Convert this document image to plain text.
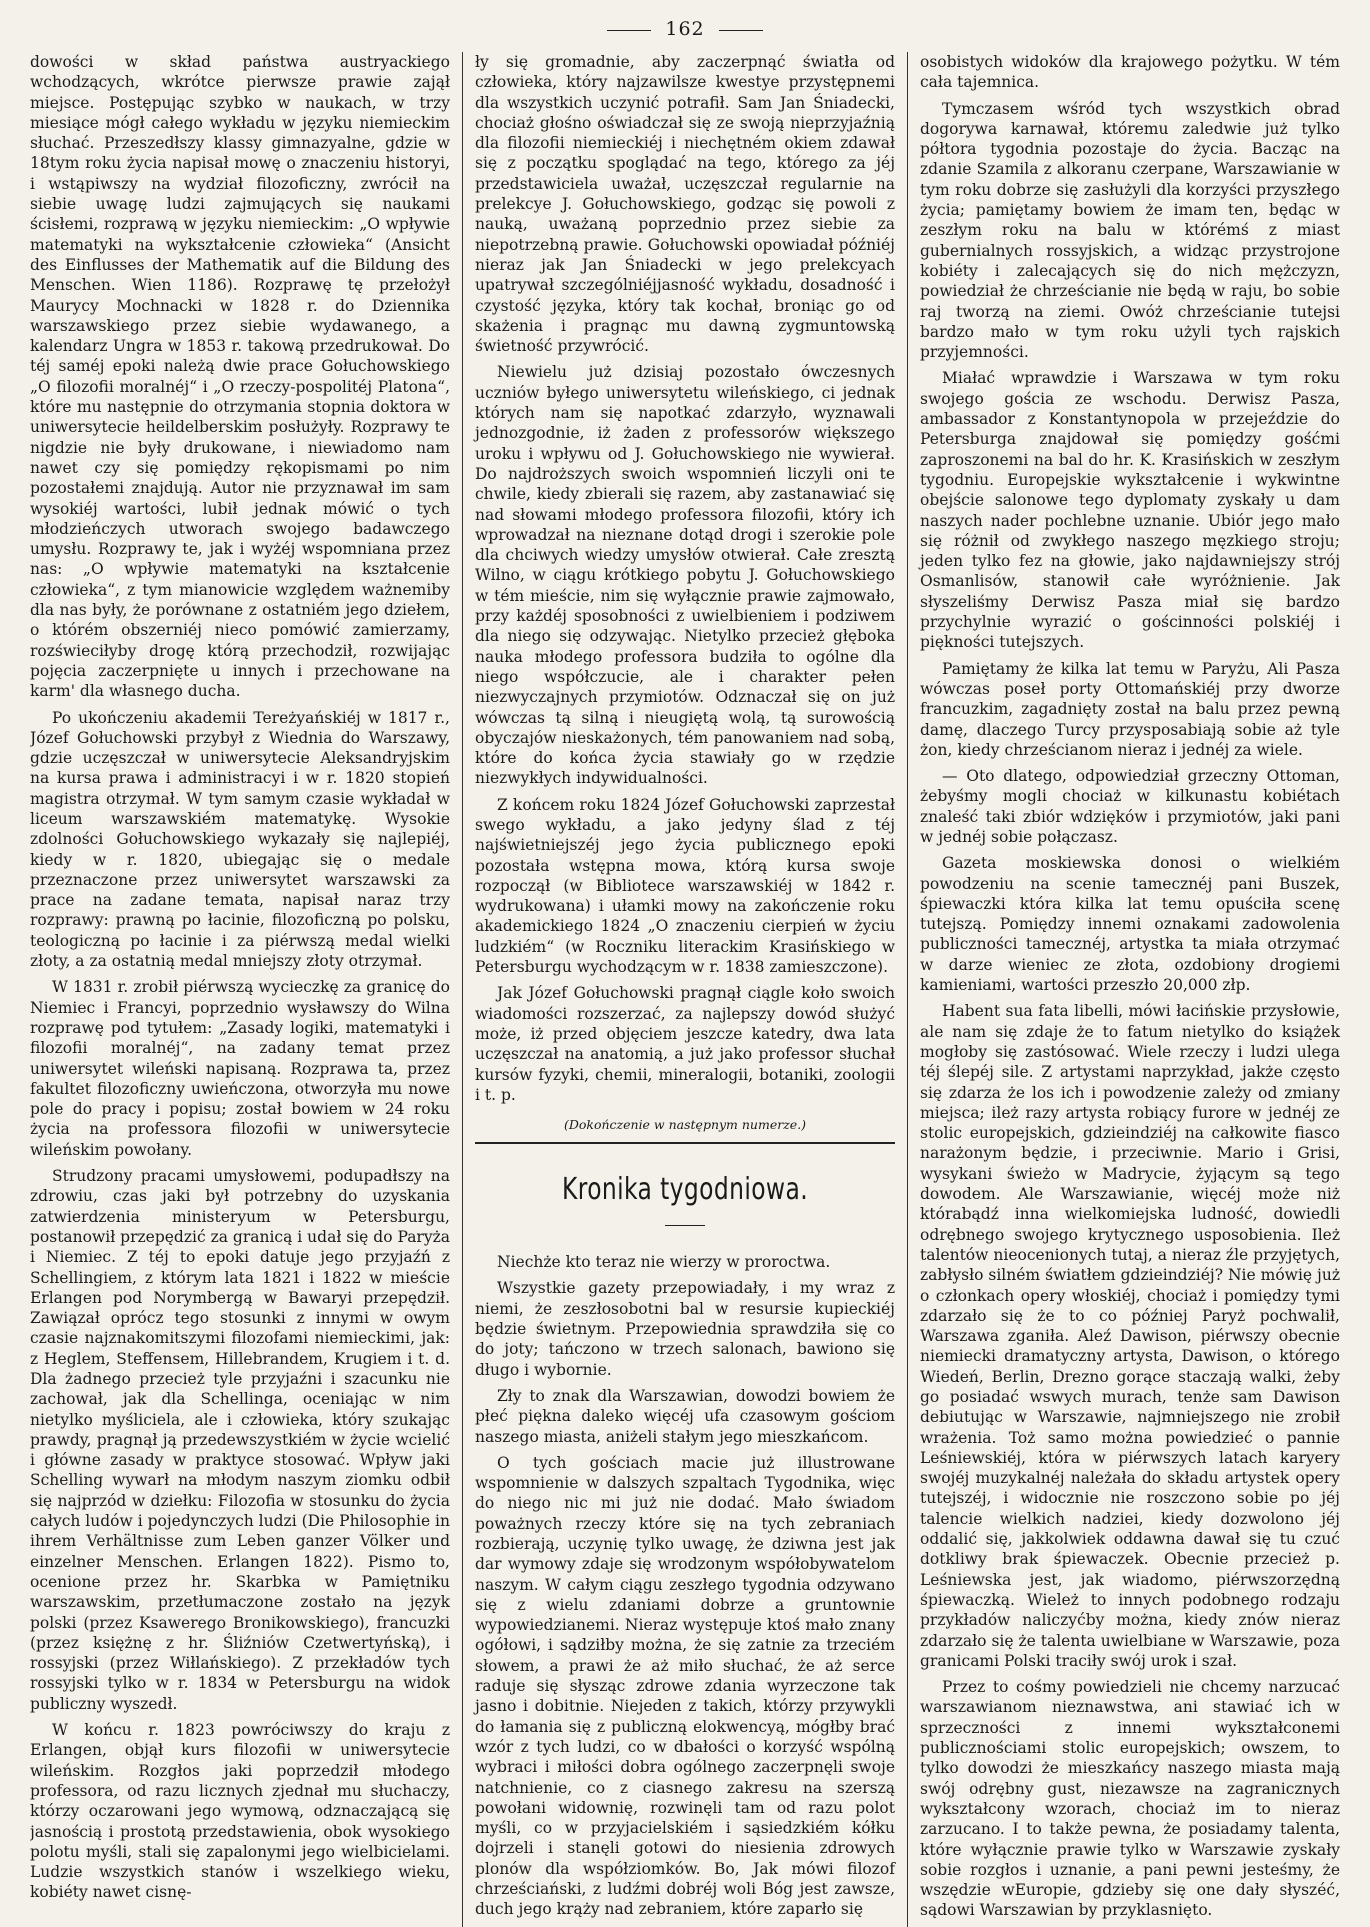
162

dowości w skład państwa austryackiego wchodzących, wkrótce pierwsze prawie zajął miejsce. Postępując szybko w naukach, w trzy miesiące mógł całego wykładu w języku niemieckim słuchać. Przeszedłszy klassy gimnazyalne, gdzie w 18tym roku życia napisał mowę o znaczeniu historyi, i wstąpiwszy na wydział filozoficzny, zwrócił na siebie uwagę ludzi zajmujących się naukami ścisłemi, rozprawą w języku niemieckim: „O wpływie matematyki na wykształcenie człowieka“ (Ansicht des Einflusses der Mathematik auf die Bildung des Menschen. Wien 1186). Rozprawę tę przełożył Maurycy Mochnacki w 1828 r. do Dziennika warszawskiego przez siebie wydawanego, a kalendarz Ungra w 1853 r. takową przedrukował. Do téj saméj epoki należą dwie prace Gołuchowskiego „O filozofii moralnéj“ i „O rzeczy-pospolitéj Platona“, które mu następnie do otrzymania stopnia doktora w uniwersytecie heildelberskim posłużyły. Rozprawy te nigdzie nie były drukowane, i niewiadomo nam nawet czy się pomiędzy rękopismami po nim pozostałemi znajdują. Autor nie przyznawał im sam wysokiéj wartości, lubił jednak mówić o tych młodzieńczych utworach swojego badawczego umysłu. Rozprawy te, jak i wyżéj wspomniana przez nas: „O wpływie matematyki na kształcenie człowieka“, z tym mianowicie względem ważnemiby dla nas były, że porównane z ostatniém jego dziełem, o którém obszerniéj nieco pomówić zamierzamy, rozświeciłyby drogę którą przechodził, rozwijając pojęcia zaczerpnięte u innych i przechowane na karm' dla własnego ducha.

Po ukończeniu akademii Tereżyańskiéj w 1817 r., Józef Gołuchowski przybył z Wiednia do Warszawy, gdzie uczęszczał w uniwersytecie Aleksandryjskim na kursa prawa i administracyi i w r. 1820 stopień magistra otrzymał. W tym samym czasie wykładał w liceum warszawskiém matematykę. Wysokie zdolności Gołuchowskiego wykazały się najlepiéj, kiedy w r. 1820, ubiegając się o medale przeznaczone przez uniwersytet warszawski za prace na zadane temata, napisał naraz trzy rozprawy: prawną po łacinie, filozoficzną po polsku, teologiczną po łacinie i za piérwszą medal wielki złoty, a za ostatnią medal mniejszy złoty otrzymał.

W 1831 r. zrobił piérwszą wycieczkę za granicę do Niemiec i Francyi, poprzednio wysławszy do Wilna rozprawę pod tytułem: „Zasady logiki, matematyki i filozofii moralnéj“, na zadany temat przez uniwersytet wileński napisaną. Rozprawa ta, przez fakultet filozoficzny uwieńczona, otworzyła mu nowe pole do pracy i popisu; został bowiem w 24 roku życia na professora filozofii w uniwersytecie wileńskim powołany.

Strudzony pracami umysłowemi, podupadłszy na zdrowiu, czas jaki był potrzebny do uzyskania zatwierdzenia ministeryum w Petersburgu, postanowił przepędzić za granicą i udał się do Paryża i Niemiec. Z téj to epoki datuje jego przyjaźń z Schellingiem, z którym lata 1821 i 1822 w mieście Erlangen pod Norymbergą w Bawaryi przepędził. Zawiązał oprócz tego stosunki z innymi w owym czasie najznakomitszymi filozofami niemieckimi, jak: z Heglem, Steffensem, Hillebrandem, Krugiem i t. d. Dla żadnego przecież tyle przyjaźni i szacunku nie zachował, jak dla Schellinga, oceniając w nim nietylko myśliciela, ale i człowieka, który szukając prawdy, pragnął ją przedewszystkiém w życie wcielić i główne zasady w praktyce stosować. Wpływ jaki Schelling wywarł na młodym naszym ziomku odbił się najprzód w dziełku: Filozofia w stosunku do życia całych ludów i pojedynczych ludzi (Die Philosophie in ihrem Verhältnisse zum Leben ganzer Völker und einzelner Menschen. Erlangen 1822). Pismo to, ocenione przez hr. Skarbka w Pamiętniku warszawskim, przetłumaczone zostało na język polski (przez Ksawerego Bronikowskiego), francuzki (przez księżnę z hr. Śliźniów Czetwertyńską), i rossyjski (przez Wiłlańskiego). Z przekładów tych rossyjski tylko w r. 1834 w Petersburgu na widok publiczny wyszedł.

W końcu r. 1823 powróciwszy do kraju z Erlangen, objął kurs filozofii w uniwersytecie wileńskim. Rozgłos jaki poprzedził młodego professora, od razu licznych zjednał mu słuchaczy, którzy oczarowani jego wymową, odznaczającą się jasnością i prostotą przedstawienia, obok wysokiego polotu myśli, stali się zapalonymi jego wielbicielami. Ludzie wszystkich stanów i wszelkiego wieku, kobiéty nawet cisnę-

ły się gromadnie, aby zaczerpnąć światła od człowieka, który najzawilsze kwestye przystępnemi dla wszystkich uczynić potrafił. Sam Jan Śniadecki, chociaż głośno oświadczał się ze swoją nieprzyjaźnią dla filozofii niemieckiéj i niechętném okiem zdawał się z początku spoglądać na tego, którego za jéj przedstawiciela uważał, uczęszczał regularnie na prelekcye J. Gołuchowskiego, godząc się powoli z nauką, uważaną poprzednio przez siebie za niepotrzebną prawie. Gołuchowski opowiadał późniéj nieraz jak Jan Śniadecki w jego prelekcyach upatrywał szczególniéjjasność wykładu, dosadność i czystość języka, który tak kochał, broniąc go od skażenia i pragnąc mu dawną zygmuntowską świetność przywrócić.

Niewielu już dzisiaj pozostało ówczesnych uczniów byłego uniwersytetu wileńskiego, ci jednak których nam się napotkać zdarzyło, wyznawali jednozgodnie, iż żaden z professorów większego uroku i wpływu od J. Gołuchowskiego nie wywierał. Do najdroższych swoich wspomnień liczyli oni te chwile, kiedy zbierali się razem, aby zastanawiać się nad słowami młodego professora filozofii, który ich wprowadzał na nieznane dotąd drogi i szerokie pole dla chciwych wiedzy umysłów otwierał. Całe zresztą Wilno, w ciągu krótkiego pobytu J. Gołuchowskiego w tém mieście, nim się wyłącznie prawie zajmowało, przy każdéj sposobności z uwielbieniem i podziwem dla niego się odzywając. Nietylko przecież głęboka nauka młodego professora budziła to ogólne dla niego współczucie, ale i charakter pełen niezwyczajnych przymiotów. Odznaczał się on już wówczas tą silną i nieugiętą wolą, tą surowością obyczajów nieskażonych, tém panowaniem nad sobą, które do końca życia stawiały go w rzędzie niezwykłych indywidualności.

Z końcem roku 1824 Józef Gołuchowski zaprzestał swego wykładu, a jako jedyny ślad z téj najświetniejszéj jego życia publicznego epoki pozostała wstępna mowa, którą kursa swoje rozpoczął (w Bibliotece warszawskiéj w 1842 r. wydrukowana) i ułamki mowy na zakończenie roku akademickiego 1824 „O znaczeniu cierpień w życiu ludzkiém“ (w Roczniku literackim Krasińskiego w Petersburgu wychodzącym w r. 1838 zamieszczone).

Jak Józef Gołuchowski pragnął ciągle koło swoich wiadomości rozszerzać, za najlepszy dowód służyć może, iż przed objęciem jeszcze katedry, dwa lata uczęszczał na anatomią, a już jako professor słuchał kursów fyzyki, chemii, mineralogii, botaniki, zoologii i t. p.

(Dokończenie w następnym numerze.)
Kronika tygodniowa.

Niechże kto teraz nie wierzy w proroctwa.

Wszystkie gazety przepowiadały, i my wraz z niemi, że zeszłosobotni bal w resursie kupieckiéj będzie świetnym. Przepowiednia sprawdziła się co do joty; tańczono w trzech salonach, bawiono się długo i wybornie.

Zły to znak dla Warszawian, dowodzi bowiem że płeć piękna daleko więcéj ufa czasowym gościom naszego miasta, aniżeli stałym jego mieszkańcom.

O tych gościach macie już illustrowane wspomnienie w dalszych szpaltach Tygodnika, więc do niego nic mi już nie dodać. Mało świadom poważnych rzeczy które się na tych zebraniach rozbierają, uczynię tylko uwagę, że dziwna jest jak dar wymowy zdaje się wrodzonym współobywatelom naszym. W całym ciągu zeszłego tygodnia odzywano się z wielu zdaniami dobrze a gruntownie wypowiedzianemi. Nieraz występuje ktoś mało znany ogółowi, i sądziłby można, że się zatnie za trzeciém słowem, a prawi że aż miło słuchać, że aż serce raduje się słysząc zdrowe zdania wyrzeczone tak jasno i dobitnie. Niejeden z takich, którzy przywykli do łamania się z publiczną elokwencyą, mógłby brać wzór z tych ludzi, co w dbałości o korzyść wspólną wybraci i miłości dobra ogólnego zaczerpnęli swoje natchnienie, co z ciasnego zakresu na szerszą powołani widownię, rozwinęli tam od razu polot myśli, co w przyjacielskiém i sąsiedzkiém kółku dojrzeli i stanęli gotowi do niesienia zdrowych plonów dla współziomków. Bo, Jak mówi filozof chrześciański, z ludźmi dobréj woli Bóg jest zawsze, duch jego krąży nad zebraniem, które zaparło się

osobistych widoków dla krajowego pożytku. W tém cała tajemnica.

Tymczasem wśród tych wszystkich obrad dogorywa karnawał, któremu zaledwie już tylko półtora tygodnia pozostaje do życia. Bacząc na zdanie Szamila z alkoranu czerpane, Warszawianie w tym roku dobrze się zasłużyli dla korzyści przyszłego życia; pamiętamy bowiem że imam ten, będąc w zeszłym roku na balu w którémś z miast gubernialnych rossyjskich, a widząc przystrojone kobiéty i zalecających się do nich mężczyzn, powiedział że chrześcianie nie będą w raju, bo sobie raj tworzą na ziemi. Owóż chrześcianie tutejsi bardzo mało w tym roku użyli tych rajskich przyjemności.

Miałać wprawdzie i Warszawa w tym roku swojego gościa ze wschodu. Derwisz Pasza, ambassador z Konstantynopola w przejeździe do Petersburga znajdował się pomiędzy gośćmi zaproszonemi na bal do hr. K. Krasińskich w zeszłym tygodniu. Europejskie wykształcenie i wykwintne obejście salonowe tego dyplomaty zyskały u dam naszych nader pochlebne uznanie. Ubiór jego mało się różnił od zwykłego naszego męzkiego stroju; jeden tylko fez na głowie, jako najdawniejszy strój Osmanlisów, stanowił całe wyróżnienie. Jak słyszeliśmy Derwisz Pasza miał się bardzo przychylnie wyrazić o gościnności polskiéj i piękności tutejszych.

Pamiętamy że kilka lat temu w Paryżu, Ali Pasza wówczas poseł porty Ottomańskiéj przy dworze francuzkim, zagadnięty został na balu przez pewną damę, dlaczego Turcy przysposabiają sobie aż tyle żon, kiedy chrześcianom nieraz i jednéj za wiele.

— Oto dlatego, odpowiedział grzeczny Ottoman, żebyśmy mogli chociaż w kilkunastu kobiétach znaleść taki zbiór wdzięków i przymiotów, jaki pani w jednéj sobie połączasz.

Gazeta moskiewska donosi o wielkiém powodzeniu na scenie tamecznéj pani Buszek, śpiewaczki która kilka lat temu opuściła scenę tutejszą. Pomiędzy innemi oznakami zadowolenia publiczności tamecznéj, artystka ta miała otrzymać w darze wieniec ze złota, ozdobiony drogiemi kamieniami, wartości przeszło 20,000 złp.

Habent sua fata libelli, mówi łacińskie przysłowie, ale nam się zdaje że to fatum nietylko do książek mogłoby się zastósować. Wiele rzeczy i ludzi ulega téj ślepéj sile. Z artystami naprzykład, jakże często się zdarza że los ich i powodzenie zależy od zmiany miejsca; ileż razy artysta robiący furore w jednéj ze stolic europejskich, gdzieindziéj na całkowite fiasco narażonym będzie, i przeciwnie. Mario i Grisi, wysykani świeżo w Madrycie, żyjącym są tego dowodem. Ale Warszawianie, więcéj może niż którabądź inna wielkomiejska ludność, dowiedli odrębnego swojego krytycznego usposobienia. Ileż talentów nieocenionych tutaj, a nieraz źle przyjętych, zabłysło silném światłem gdzieindziéj? Nie mówię już o członkach opery włoskiéj, chociaż i pomiędzy tymi zdarzało się że to co później Paryż pochwalił, Warszawa zganiła. Aleź Dawison, piérwszy obecnie niemiecki dramatyczny artysta, Dawison, o którego Wiedeń, Berlin, Drezno gorące staczają walki, żeby go posiadać wswych murach, tenże sam Dawison debiutując w Warszawie, najmniejszego nie zrobił wrażenia. Toż samo można powiedzieć o pannie Leśniewskiéj, która w piérwszych latach karyery swojéj muzykalnéj należała do składu artystek opery tutejszéj, i widocznie nie roszczono sobie po jéj talencie wielkich nadziei, kiedy dozwolono jéj oddalić się, jakkolwiek oddawna dawał się tu czuć dotkliwy brak śpiewaczek. Obecnie przecież p. Leśniewska jest, jak wiadomo, piérwszorzędną śpiewaczką. Wieleż to innych podobnego rodzaju przykładów naliczyćby można, kiedy znów nieraz zdarzało się że talenta uwielbiane w Warszawie, poza granicami Polski traciły swój urok i szał.

Przez to cośmy powiedzieli nie chcemy narzucać warszawianom nieznawstwa, ani stawiać ich w sprzeczności z innemi wykształconemi publicznościami stolic europejskich; owszem, to tylko dowodzi że mieszkańcy naszego miasta mają swój odrębny gust, niezawsze na zagranicznych wykształcony wzorach, chociaż im to nieraz zarzucano. I to także pewna, że posiadamy talenta, które wyłącznie prawie tylko w Warszawie zyskały sobie rozgłos i uznanie, a pani pewni jesteśmy, że wszędzie wEuropie, gdzieby się one dały słyszéć, sądowi Warszawian by przyklasnięto.
